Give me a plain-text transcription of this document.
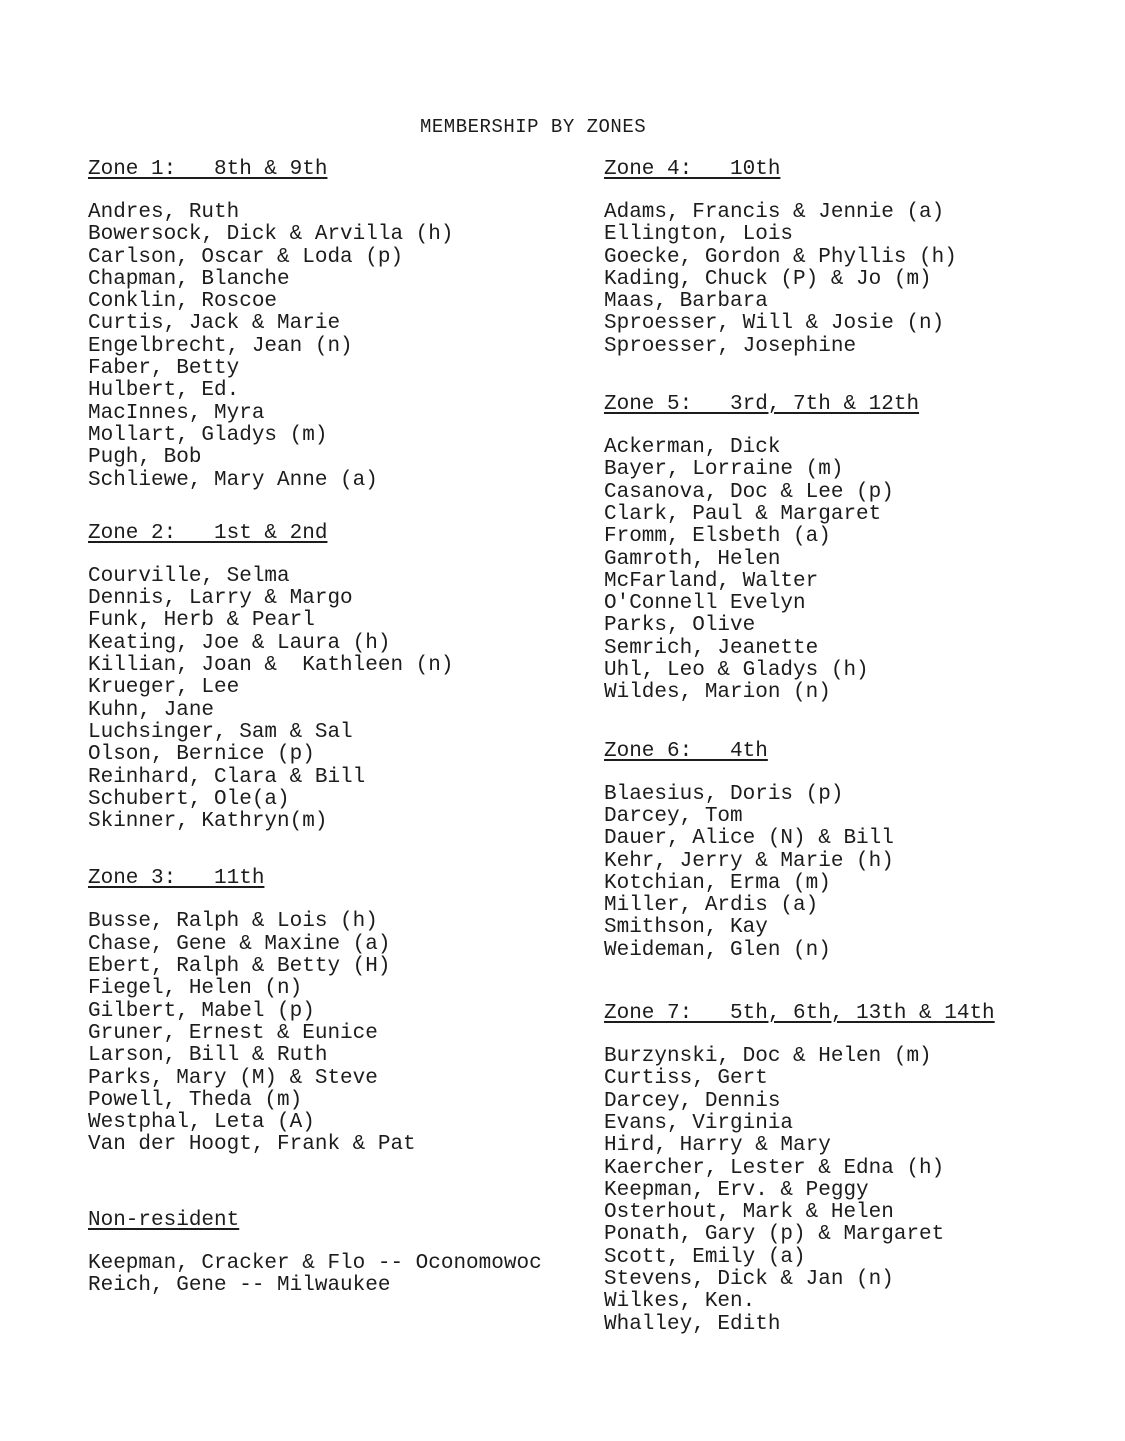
MEMBERSHIP BY ZONES
Zone 1:   8th & 9th
Andres, Ruth
Bowersock, Dick & Arvilla (h)
Carlson, Oscar & Loda (p)
Chapman, Blanche
Conklin, Roscoe
Curtis, Jack & Marie
Engelbrecht, Jean (n)
Faber, Betty
Hulbert, Ed.
MacInnes, Myra
Mollart, Gladys (m)
Pugh, Bob
Schliewe, Mary Anne (a)
Zone 2:   1st & 2nd
Courville, Selma
Dennis, Larry & Margo
Funk, Herb & Pearl
Keating, Joe & Laura (h)
Killian, Joan &  Kathleen (n)
Krueger, Lee
Kuhn, Jane
Luchsinger, Sam & Sal
Olson, Bernice (p)
Reinhard, Clara & Bill
Schubert, Ole(a)
Skinner, Kathryn(m)
Zone 3:   11th
Busse, Ralph & Lois (h)
Chase, Gene & Maxine (a)
Ebert, Ralph & Betty (H)
Fiegel, Helen (n)
Gilbert, Mabel (p)
Gruner, Ernest & Eunice
Larson, Bill & Ruth
Parks, Mary (M) & Steve
Powell, Theda (m)
Westphal, Leta (A)
Van der Hoogt, Frank & Pat
Non-resident
Keepman, Cracker & Flo -- Oconomowoc
Reich, Gene -- Milwaukee
Zone 4:   10th
Adams, Francis & Jennie (a)
Ellington, Lois
Goecke, Gordon & Phyllis (h)
Kading, Chuck (P) & Jo (m)
Maas, Barbara
Sproesser, Will & Josie (n)
Sproesser, Josephine
Zone 5:   3rd, 7th & 12th
Ackerman, Dick
Bayer, Lorraine (m)
Casanova, Doc & Lee (p)
Clark, Paul & Margaret
Fromm, Elsbeth (a)
Gamroth, Helen
McFarland, Walter
O'Connell Evelyn
Parks, Olive
Semrich, Jeanette
Uhl, Leo & Gladys (h)
Wildes, Marion (n)
Zone 6:   4th
Blaesius, Doris (p)
Darcey, Tom
Dauer, Alice (N) & Bill
Kehr, Jerry & Marie (h)
Kotchian, Erma (m)
Miller, Ardis (a)
Smithson, Kay
Weideman, Glen (n)
Zone 7:   5th, 6th, 13th & 14th
Burzynski, Doc & Helen (m)
Curtiss, Gert
Darcey, Dennis
Evans, Virginia
Hird, Harry & Mary
Kaercher, Lester & Edna (h)
Keepman, Erv. & Peggy
Osterhout, Mark & Helen
Ponath, Gary (p) & Margaret
Scott, Emily (a)
Stevens, Dick & Jan (n)
Wilkes, Ken.
Whalley, Edith
